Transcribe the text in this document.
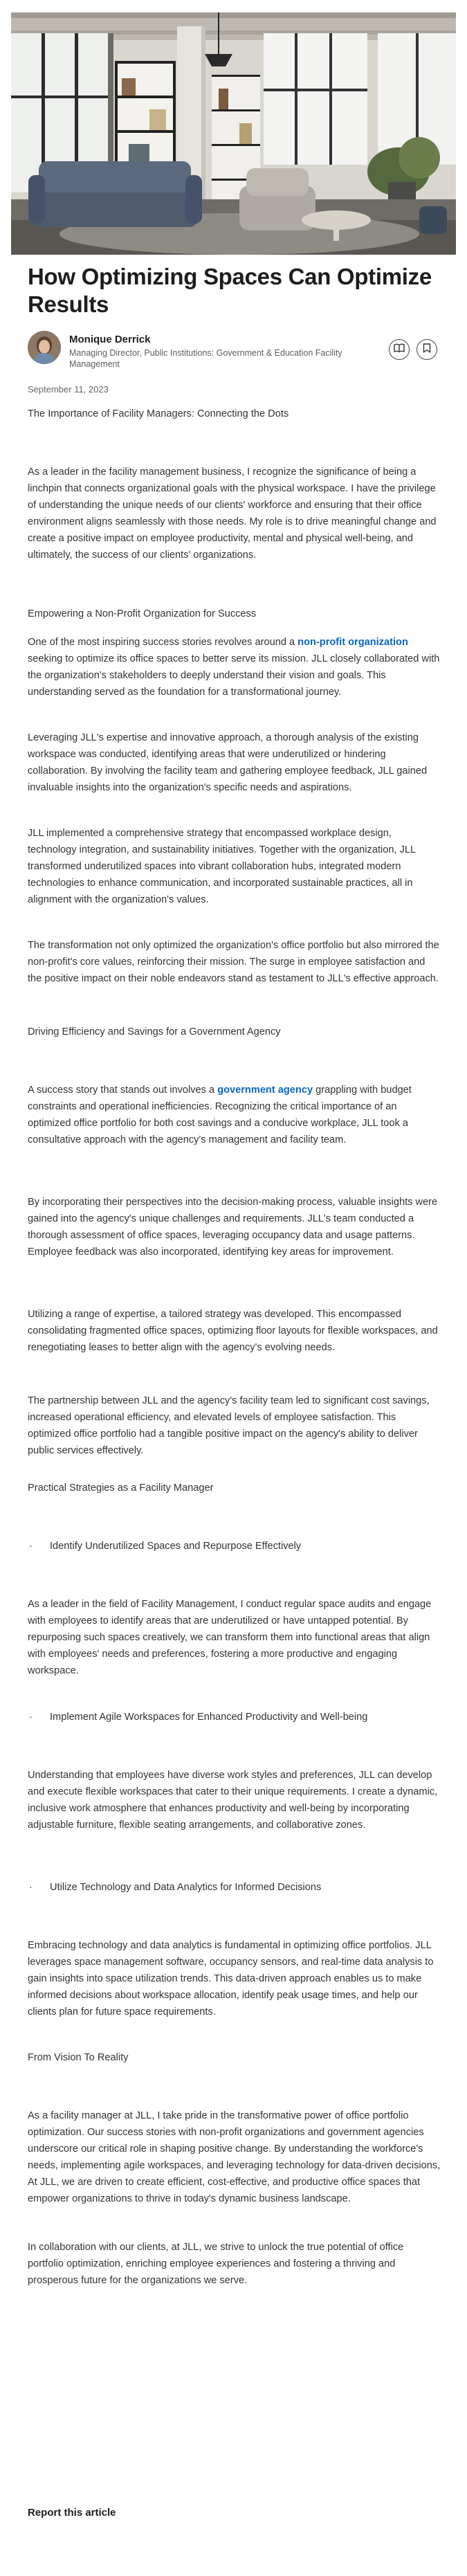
How Optimizing Spaces Can Optimize Results
Monique Derrick
Managing Director, Public Institutions: Government & Education Facility Management
September 11, 2023
The Importance of Facility Managers: Connecting the Dots

As a leader in the facility management business, I recognize the significance of being a linchpin that connects organizational goals with the physical workspace. I have the privilege of understanding the unique needs of our clients' workforce and ensuring that their office environment aligns seamlessly with those needs. My role is to drive meaningful change and create a positive impact on employee productivity, mental and physical well-being, and ultimately, the success of our clients' organizations.

Empowering a Non-Profit Organization for Success

One of the most inspiring success stories revolves around a non-profit organization seeking to optimize its office spaces to better serve its mission. JLL closely collaborated with the organization's stakeholders to deeply understand their vision and goals. This understanding served as the foundation for a transformational journey.

Leveraging JLL's expertise and innovative approach, a thorough analysis of the existing workspace was conducted, identifying areas that were underutilized or hindering collaboration. By involving the facility team and gathering employee feedback, JLL gained invaluable insights into the organization's specific needs and aspirations.

JLL implemented a comprehensive strategy that encompassed workplace design, technology integration, and sustainability initiatives. Together with the organization, JLL transformed underutilized spaces into vibrant collaboration hubs, integrated modern technologies to enhance communication, and incorporated sustainable practices, all in alignment with the organization's values.

The transformation not only optimized the organization's office portfolio but also mirrored the non-profit's core values, reinforcing their mission. The surge in employee satisfaction and the positive impact on their noble endeavors stand as testament to JLL's effective approach.

Driving Efficiency and Savings for a Government Agency

A success story that stands out involves a government agency grappling with budget constraints and operational inefficiencies. Recognizing the critical importance of an optimized office portfolio for both cost savings and a conducive workplace, JLL took a consultative approach with the agency's management and facility team.

By incorporating their perspectives into the decision-making process, valuable insights were gained into the agency's unique challenges and requirements. JLL's team conducted a thorough assessment of office spaces, leveraging occupancy data and usage patterns. Employee feedback was also incorporated, identifying key areas for improvement.

Utilizing a range of expertise, a tailored strategy was developed. This encompassed consolidating fragmented office spaces, optimizing floor layouts for flexible workspaces, and renegotiating leases to better align with the agency's evolving needs.

The partnership between JLL and the agency's facility team led to significant cost savings, increased operational efficiency, and elevated levels of employee satisfaction. This optimized office portfolio had a tangible positive impact on the agency's ability to deliver public services effectively.

Practical Strategies as a Facility Manager
· Identify Underutilized Spaces and Repurpose Effectively

As a leader in the field of Facility Management, I conduct regular space audits and engage with employees to identify areas that are underutilized or have untapped potential. By repurposing such spaces creatively, we can transform them into functional areas that align with employees' needs and preferences, fostering a more productive and engaging workspace.

· Implement Agile Workspaces for Enhanced Productivity and Well-being

Understanding that employees have diverse work styles and preferences, JLL can develop and execute flexible workspaces that cater to their unique requirements. I create a dynamic, inclusive work atmosphere that enhances productivity and well-being by incorporating adjustable furniture, flexible seating arrangements, and collaborative zones.

· Utilize Technology and Data Analytics for Informed Decisions

Embracing technology and data analytics is fundamental in optimizing office portfolios. JLL leverages space management software, occupancy sensors, and real-time data analysis to gain insights into space utilization trends. This data-driven approach enables us to make informed decisions about workspace allocation, identify peak usage times, and help our clients plan for future space requirements.

From Vision To Reality

As a facility manager at JLL, I take pride in the transformative power of office portfolio optimization. Our success stories with non-profit organizations and government agencies underscore our critical role in shaping positive change. By understanding the workforce's needs, implementing agile workspaces, and leveraging technology for data-driven decisions, At JLL, we are driven to create efficient, cost-effective, and productive office spaces that empower organizations to thrive in today's dynamic business landscape.

In collaboration with our clients, at JLL, we strive to unlock the true potential of office portfolio optimization, enriching employee experiences and fostering a thriving and prosperous future for the organizations we serve.

Report this article
